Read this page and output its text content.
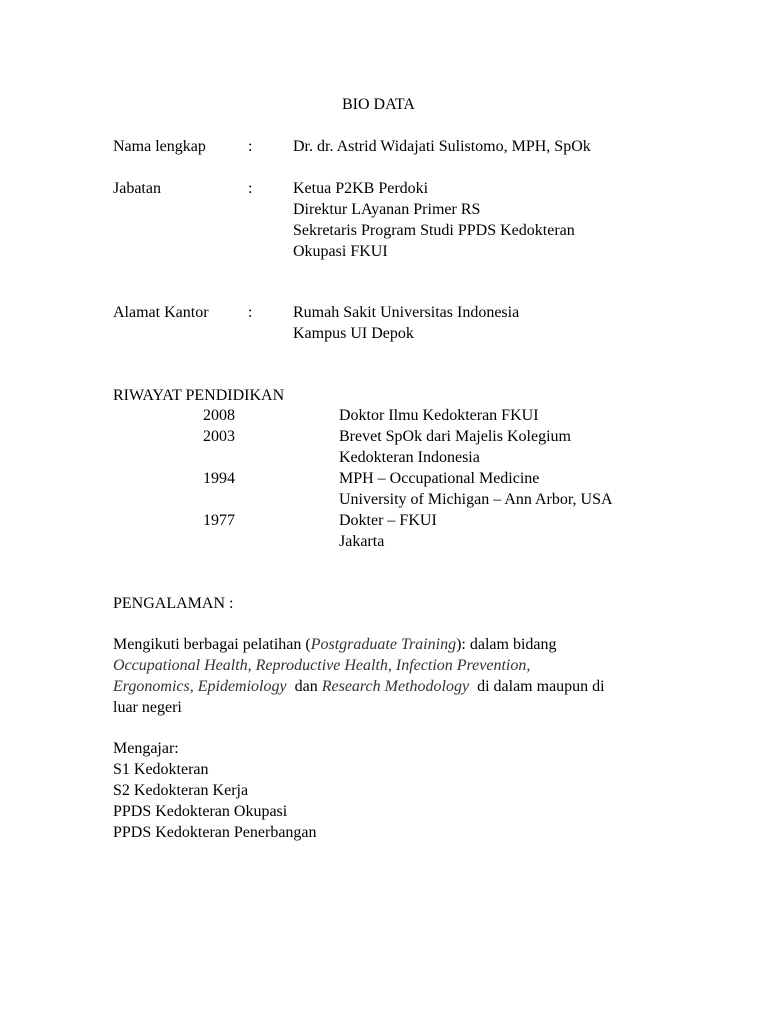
BIO DATA
Nama lengkap	:	Dr. dr. Astrid Widajati Sulistomo, MPH, SpOk
Jabatan	:	Ketua P2KB Perdoki
Direktur LAyanan Primer RS
Sekretaris Program Studi PPDS Kedokteran
Okupasi FKUI
Alamat Kantor :	Rumah Sakit Universitas Indonesia
Kampus UI Depok
RIWAYAT PENDIDIKAN
2008	Doktor Ilmu Kedokteran FKUI
2003	Brevet SpOk dari Majelis Kolegium
Kedokteran Indonesia
1994	MPH – Occupational Medicine
University of Michigan – Ann Arbor, USA
1977	Dokter – FKUI
Jakarta
PENGALAMAN :
Mengikuti berbagai pelatihan (Postgraduate Training): dalam bidang
Occupational Health, Reproductive Health, Infection Prevention,
Ergonomics, Epidemiology  dan Research Methodology  di dalam maupun di
luar negeri
Mengajar:
S1 Kedokteran
S2 Kedokteran Kerja
PPDS Kedokteran Okupasi
PPDS Kedokteran Penerbangan
